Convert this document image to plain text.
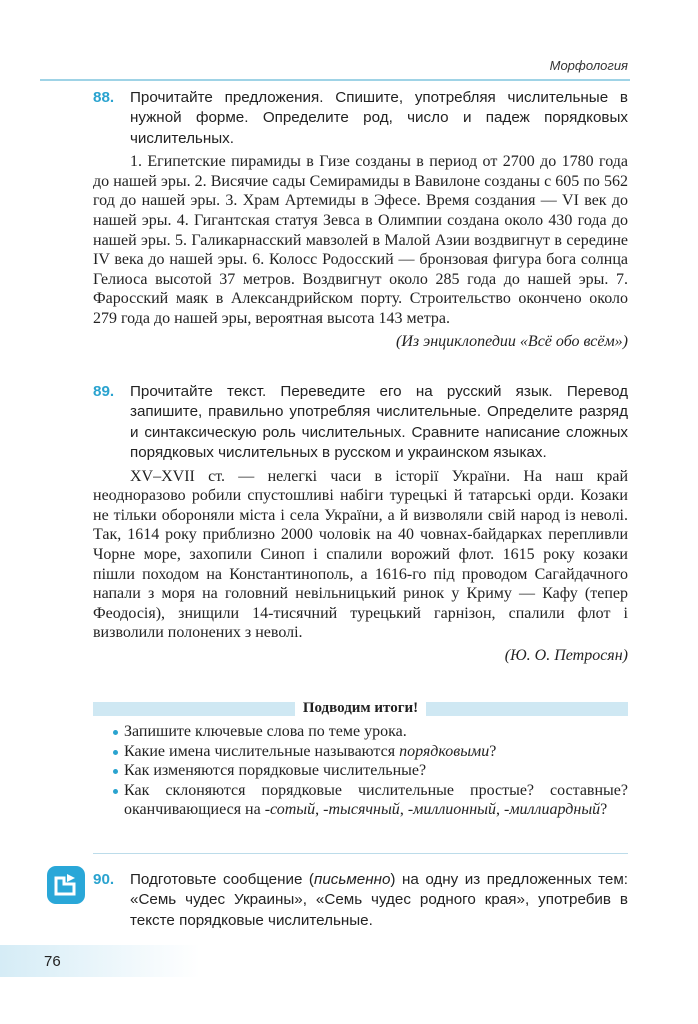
Морфология
88. Прочитайте предложения. Спишите, употребляя числительные в нужной форме. Определите род, число и падеж порядковых числительных.
1. Египетские пирамиды в Гизе созданы в период от 2700 до 1780 года до нашей эры. 2. Висячие сады Семирамиды в Вавилоне созданы с 605 по 562 год до нашей эры. 3. Храм Артемиды в Эфесе. Время создания — VI век до нашей эры. 4. Гигантская статуя Зевса в Олимпии создана около 430 года до нашей эры. 5. Галикарнасский мавзолей в Малой Азии воздвигнут в середине IV века до нашей эры. 6. Колосс Родосский — бронзовая фигура бога солнца Гелиоса высотой 37 метров. Воздвигнут около 285 года до нашей эры. 7. Фаросский маяк в Александрийском порту. Строительство окончено около 279 года до нашей эры, вероятная высота 143 метра.
(Из энциклопедии «Всё обо всём»)
89. Прочитайте текст. Переведите его на русский язык. Перевод запишите, правильно употребляя числительные. Определите разряд и синтаксическую роль числительных. Сравните написание сложных порядковых числительных в русском и украинском языках.
XV–XVII ст. — нелегкі часи в історії України. На наш край неодноразово робили спустошливі набіги турецькі й татарські орди. Козаки не тільки обороняли міста і села України, а й визволяли свій народ із неволі. Так, 1614 року приблизно 2000 чоловік на 40 човнах-байдарках перепливли Чорне море, захопили Синоп і спалили ворожий флот. 1615 року козаки пішли походом на Константинополь, а 1616-го під проводом Сагайдачного напали з моря на головний невільницький ринок у Криму — Кафу (тепер Феодосія), знищили 14-тисячний турецький гарнізон, спалили флот і визволили полонених з неволі.
(Ю. О. Петросян)
Подводим итоги!
Запишите ключевые слова по теме урока.
Какие имена числительные называются порядковыми?
Как изменяются порядковые числительные?
Как склоняются порядковые числительные простые? составные? оканчивающиеся на -сотый, -тысячный, -миллионный, -миллиардный?
90. Подготовьте сообщение (письменно) на одну из предложенных тем: «Семь чудес Украины», «Семь чудес родного края», употребив в тексте порядковые числительные.
76
